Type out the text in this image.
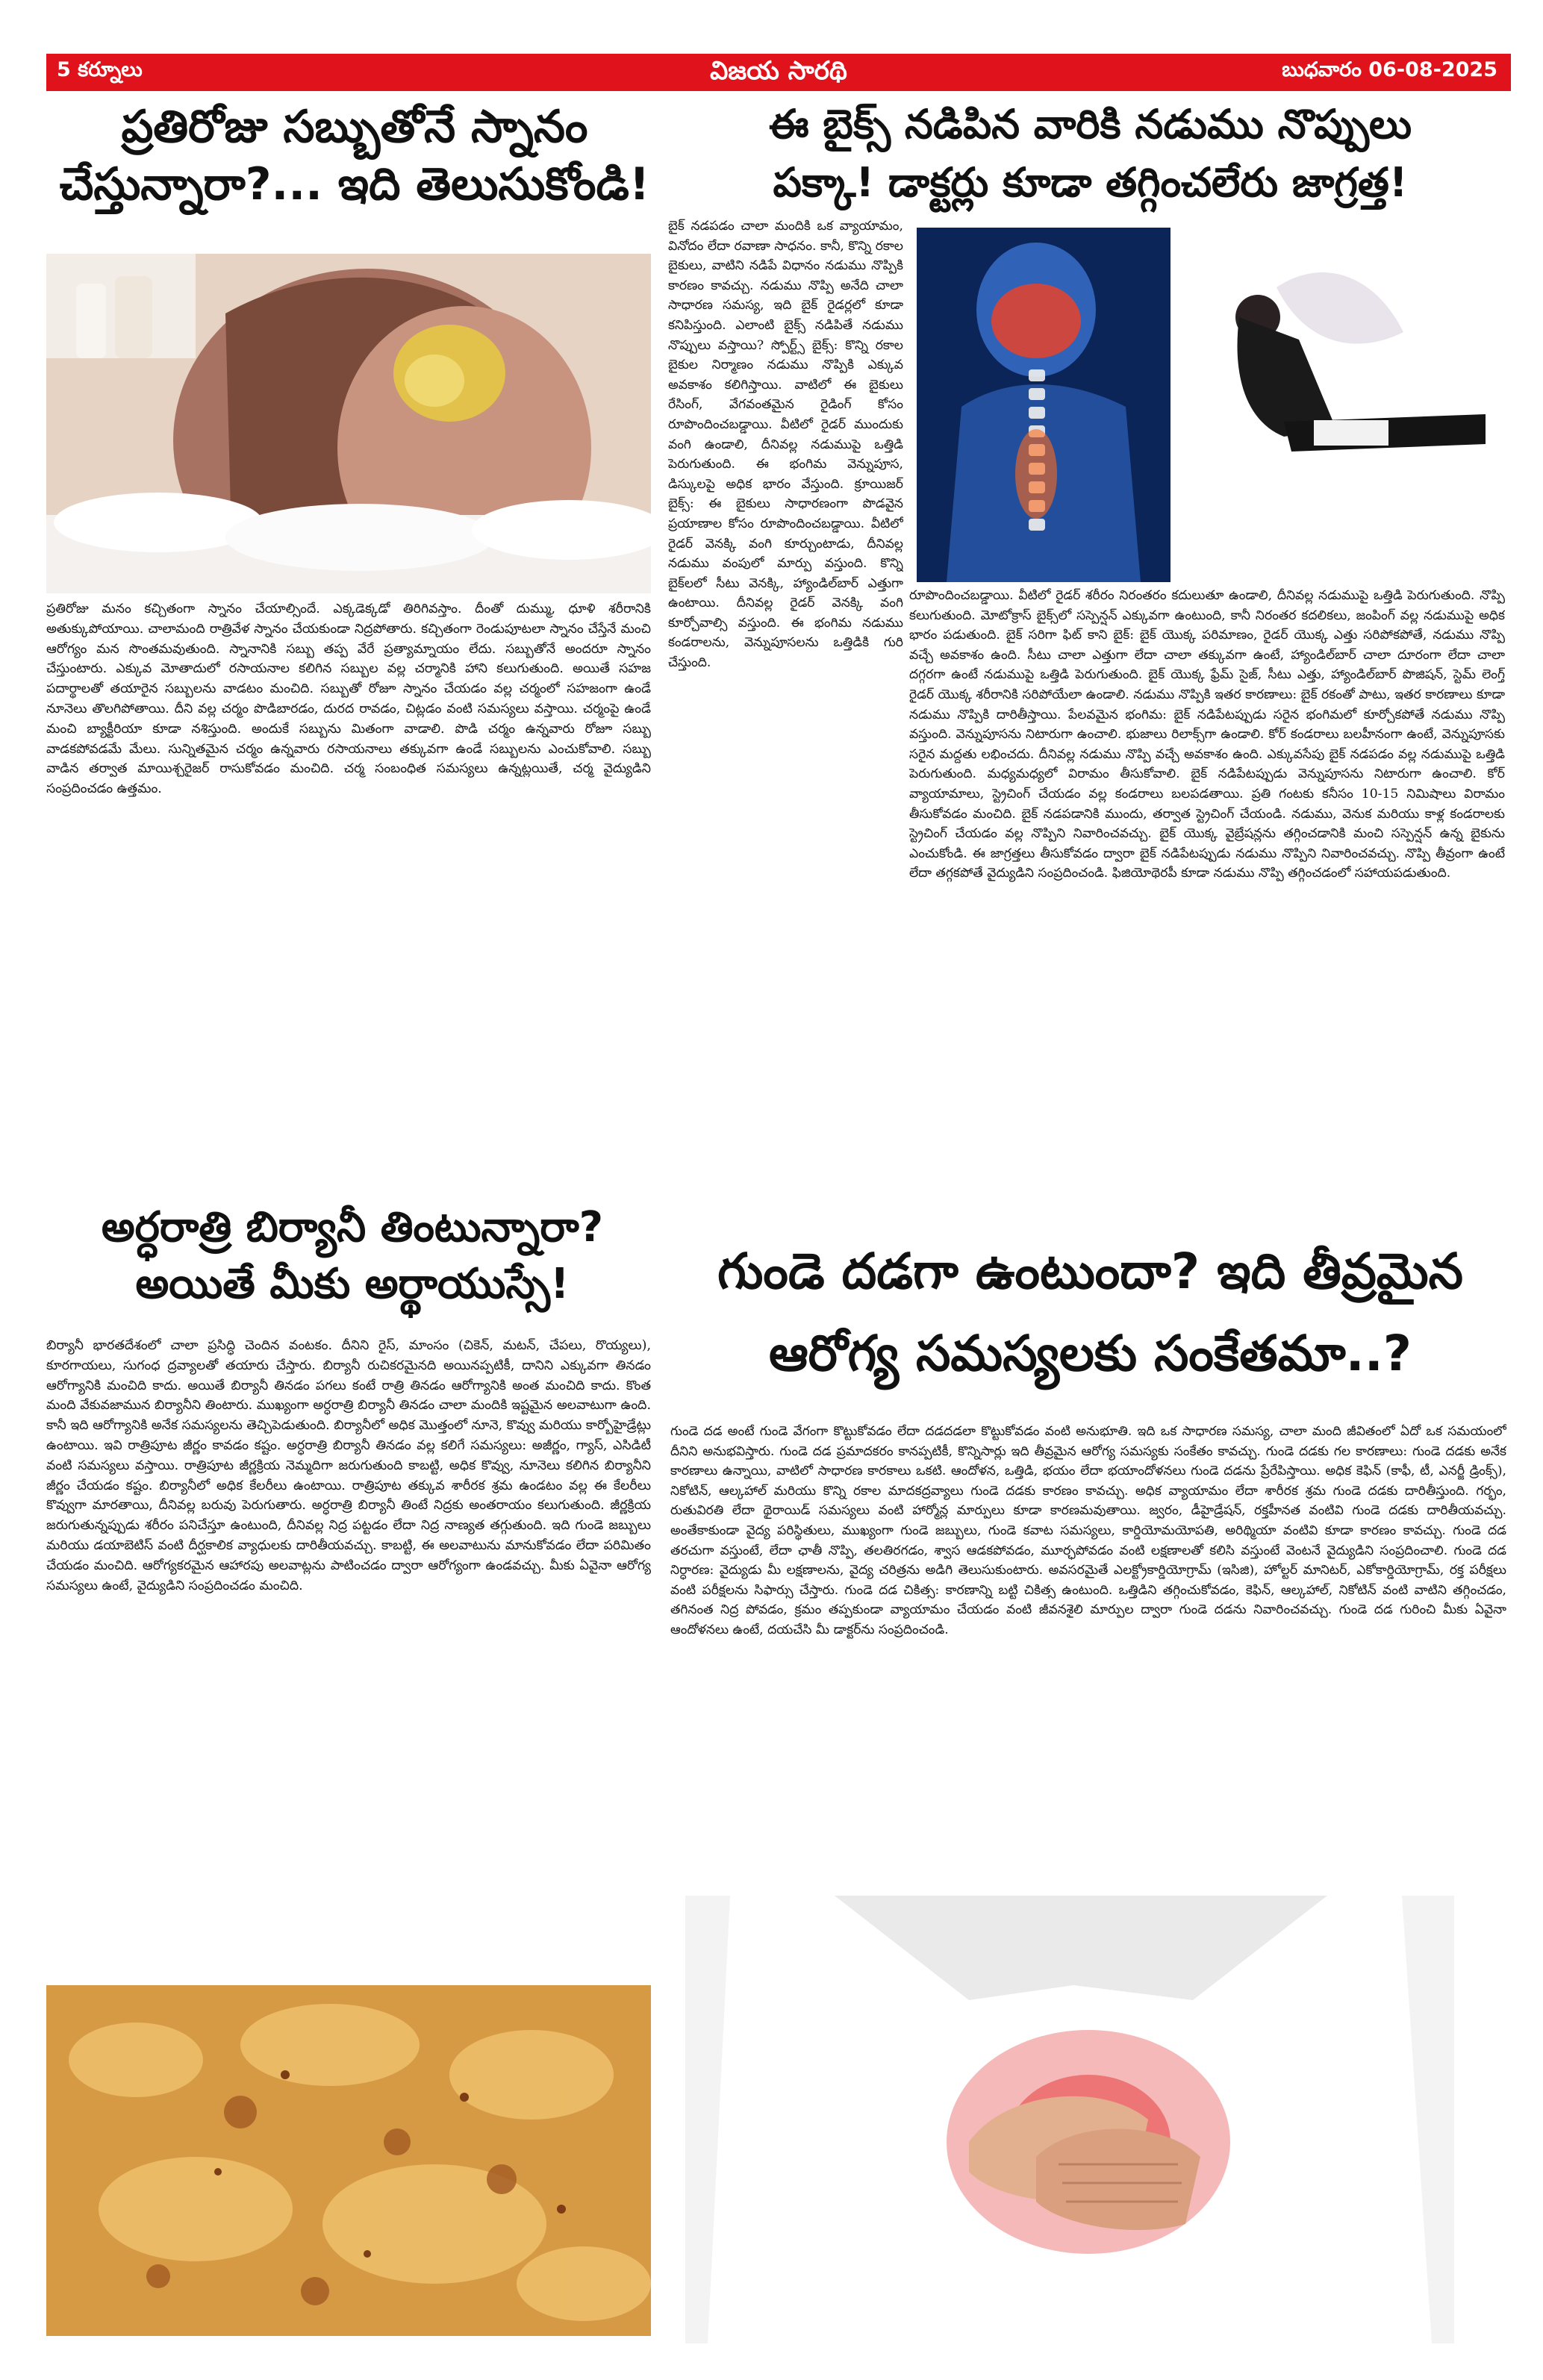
5 కర్నూలు	విజయ సారథి	బుధవారం 06-08-2025
ప్రతిరోజు సబ్బుతోనే స్నానం
చేస్తున్నారా?... ఇది తెలుసుకోండి!
ప్రతిరోజు మనం కచ్చితంగా స్నానం చేయాల్సిందే. ఎక్కడెక్కడో తిరిగివస్తాం. దీంతో దుమ్ము, ధూళి శరీరానికి అతుక్కుపోయాయి. చాలామంది రాత్రివేళ స్నానం చేయకుండా నిద్రపోతారు. కచ్చితంగా రెండుపూటలా స్నానం చేస్తేనే మంచి ఆరోగ్యం మన సొంతమవుతుంది. స్నానానికి సబ్బు తప్ప వేరే ప్రత్యామ్నాయం లేదు. సబ్బుతోనే అందరూ స్నానం చేస్తుంటారు. ఎక్కువ మోతాదులో రసాయనాల కలిగిన సబ్బుల వల్ల చర్మానికి హాని కలుగుతుంది. అయితే సహజ పదార్థాలతో తయారైన సబ్బులను వాడటం మంచిది. సబ్బుతో రోజూ స్నానం చేయడం వల్ల చర్మంలో సహజంగా ఉండే నూనెలు తొలగిపోతాయి. దీని వల్ల చర్మం పొడిబారడం, దురద రావడం, చిట్లడం వంటి సమస్యలు వస్తాయి. చర్మంపై ఉండే మంచి బ్యాక్టీరియా కూడా నశిస్తుంది. అందుకే సబ్బును మితంగా వాడాలి. పొడి చర్మం ఉన్నవారు రోజూ సబ్బు వాడకపోవడమే మేలు. సున్నితమైన చర్మం ఉన్నవారు రసాయనాలు తక్కువగా ఉండే సబ్బులను ఎంచుకోవాలి. సబ్బు వాడిన తర్వాత మాయిశ్చరైజర్ రాసుకోవడం మంచిది. చర్మ సంబంధిత సమస్యలు ఉన్నట్లయితే, చర్మ వైద్యుడిని సంప్రదించడం ఉత్తమం.
అర్ధరాత్రి బిర్యానీ తింటున్నారా?
అయితే మీకు అర్థాయుస్సే!
బిర్యానీ భారతదేశంలో చాలా ప్రసిద్ధి చెందిన వంటకం. దీనిని రైస్, మాంసం (చికెన్, మటన్, చేపలు, రొయ్యలు), కూరగాయలు, సుగంధ ద్రవ్యాలతో తయారు చేస్తారు. బిర్యానీ రుచికరమైనది అయినప్పటికీ, దానిని ఎక్కువగా తినడం ఆరోగ్యానికి మంచిది కాదు. అయితే బిర్యానీ తినడం పగలు కంటే రాత్రి తినడం ఆరోగ్యానికి అంత మంచిది కాదు. కొంత మంది వేకువజామున బిర్యానీని తింటారు. ముఖ్యంగా అర్ధరాత్రి బిర్యానీ తినడం చాలా మందికి ఇష్టమైన అలవాటుగా ఉంది. కానీ ఇది ఆరోగ్యానికి అనేక సమస్యలను తెచ్చిపెడుతుంది. బిర్యానీలో అధిక మొత్తంలో నూనె, కొవ్వు మరియు కార్బోహైడ్రేట్లు ఉంటాయి. ఇవి రాత్రిపూట జీర్ణం కావడం కష్టం. అర్ధరాత్రి బిర్యానీ తినడం వల్ల కలిగే సమస్యలు: అజీర్ణం, గ్యాస్, ఎసిడిటీ వంటి సమస్యలు వస్తాయి. రాత్రిపూట జీర్ణక్రియ నెమ్మదిగా జరుగుతుంది కాబట్టి, అధిక కొవ్వు, నూనెలు కలిగిన బిర్యానీని జీర్ణం చేయడం కష్టం. బిర్యానీలో అధిక కేలరీలు ఉంటాయి. రాత్రిపూట తక్కువ శారీరక శ్రమ ఉండటం వల్ల ఈ కేలరీలు కొవ్వుగా మారతాయి, దీనివల్ల బరువు పెరుగుతారు. అర్ధరాత్రి బిర్యానీ తింటే నిద్రకు అంతరాయం కలుగుతుంది. జీర్ణక్రియ జరుగుతున్నప్పుడు శరీరం పనిచేస్తూ ఉంటుంది, దీనివల్ల నిద్ర పట్టడం లేదా నిద్ర నాణ్యత తగ్గుతుంది. ఇది గుండె జబ్బులు మరియు డయాబెటిస్ వంటి దీర్ఘకాలిక వ్యాధులకు దారితీయవచ్చు. కాబట్టి, ఈ అలవాటును మానుకోవడం లేదా పరిమితం చేయడం మంచిది. ఆరోగ్యకరమైన ఆహారపు అలవాట్లను పాటించడం ద్వారా ఆరోగ్యంగా ఉండవచ్చు. మీకు ఏవైనా ఆరోగ్య సమస్యలు ఉంటే, వైద్యుడిని సంప్రదించడం మంచిది.
ఈ బైక్స్ నడిపిన వారికి నడుము నొప్పులు
పక్కా! డాక్టర్లు కూడా తగ్గించలేరు జాగ్రత్త!
బైక్ నడపడం చాలా మందికి ఒక వ్యాయామం, వినోదం లేదా రవాణా సాధనం. కానీ, కొన్ని రకాల బైకులు, వాటిని నడిపే విధానం నడుము నొప్పికి కారణం కావచ్చు. నడుము నొప్పి అనేది చాలా సాధారణ సమస్య, ఇది బైక్ రైడర్లలో కూడా కనిపిస్తుంది. ఎలాంటి బైక్స్ నడిపితే నడుము నొప్పులు వస్తాయి? స్పోర్ట్స్ బైక్స్: కొన్ని రకాల బైకుల నిర్మాణం నడుము నొప్పికి ఎక్కువ అవకాశం కలిగిస్తాయి. వాటిలో ఈ బైకులు రేసింగ్, వేగవంతమైన రైడింగ్ కోసం రూపొందించబడ్డాయి. వీటిలో రైడర్ ముందుకు వంగి ఉండాలి, దీనివల్ల నడుముపై ఒత్తిడి పెరుగుతుంది. ఈ భంగిమ వెన్నుపూస, డిస్కులపై అధిక భారం వేస్తుంది. క్రూయిజర్ బైక్స్: ఈ బైకులు సాధారణంగా పొడవైన ప్రయాణాల కోసం రూపొందించబడ్డాయి. వీటిలో రైడర్ వెనక్కి వంగి కూర్చుంటాడు, దీనివల్ల నడుము వంపులో మార్పు వస్తుంది. కొన్ని బైక్‌లలో సీటు వెనక్కి, హ్యాండిల్‌బార్ ఎత్తుగా ఉంటాయి. దీనివల్ల రైడర్ వెనక్కి వంగి కూర్చోవాల్సి వస్తుంది. ఈ భంగిమ నడుము కండరాలను, వెన్నుపూసలను ఒత్తిడికి గురి చేస్తుంది.
రూపొందించబడ్డాయి. వీటిలో రైడర్ శరీరం నిరంతరం కదులుతూ ఉండాలి, దీనివల్ల నడుముపై ఒత్తిడి పెరుగుతుంది. నొప్పి కలుగుతుంది. మోటోక్రాస్ బైక్స్‌లో సస్పెన్షన్ ఎక్కువగా ఉంటుంది, కానీ నిరంతర కదలికలు, జంపింగ్ వల్ల నడుముపై అధిక భారం పడుతుంది. బైక్ సరిగా ఫిట్ కాని బైక్: బైక్ యొక్క పరిమాణం, రైడర్ యొక్క ఎత్తు సరిపోకపోతే, నడుము నొప్పి వచ్చే అవకాశం ఉంది. సీటు చాలా ఎత్తుగా లేదా చాలా తక్కువగా ఉంటే, హ్యాండిల్‌బార్ చాలా దూరంగా లేదా చాలా దగ్గరగా ఉంటే నడుముపై ఒత్తిడి పెరుగుతుంది. బైక్ యొక్క ఫ్రేమ్ సైజ్, సీటు ఎత్తు, హ్యాండిల్‌బార్ పొజిషన్, స్టెమ్ లెంగ్త్ రైడర్ యొక్క శరీరానికి సరిపోయేలా ఉండాలి. నడుము నొప్పికి ఇతర కారణాలు: బైక్ రకంతో పాటు, ఇతర కారణాలు కూడా నడుము నొప్పికి దారితీస్తాయి. పేలవమైన భంగిమ: బైక్ నడిపేటప్పుడు సరైన భంగిమలో కూర్చోకపోతే నడుము నొప్పి వస్తుంది. వెన్నుపూసను నిటారుగా ఉంచాలి. భుజాలు రిలాక్స్‌గా ఉండాలి. కోర్ కండరాలు బలహీనంగా ఉంటే, వెన్నుపూసకు సరైన మద్దతు లభించదు. దీనివల్ల నడుము నొప్పి వచ్చే అవకాశం ఉంది. ఎక్కువసేపు బైక్ నడపడం వల్ల నడుముపై ఒత్తిడి పెరుగుతుంది. మధ్యమధ్యలో విరామం తీసుకోవాలి. బైక్ నడిపేటప్పుడు వెన్నుపూసను నిటారుగా ఉంచాలి. కోర్ వ్యాయామాలు, స్ట్రెచింగ్ చేయడం వల్ల కండరాలు బలపడతాయి. ప్రతి గంటకు కనీసం 10-15 నిమిషాలు విరామం తీసుకోవడం మంచిది. బైక్ నడపడానికి ముందు, తర్వాత స్ట్రెచింగ్ చేయండి. నడుము, వెనుక మరియు కాళ్ల కండరాలకు స్ట్రెచింగ్ చేయడం వల్ల నొప్పిని నివారించవచ్చు. బైక్ యొక్క వైబ్రేషన్లను తగ్గించడానికి మంచి సస్పెన్షన్ ఉన్న బైకును ఎంచుకోండి. ఈ జాగ్రత్తలు తీసుకోవడం ద్వారా బైక్ నడిపేటప్పుడు నడుము నొప్పిని నివారించవచ్చు. నొప్పి తీవ్రంగా ఉంటే లేదా తగ్గకపోతే వైద్యుడిని సంప్రదించండి. ఫిజియోథెరపీ కూడా నడుము నొప్పి తగ్గించడంలో సహాయపడుతుంది.
గుండె దడగా ఉంటుందా? ఇది తీవ్రమైన
ఆరోగ్య సమస్యలకు సంకేతమా..?
గుండె దడ అంటే గుండె వేగంగా కొట్టుకోవడం లేదా దడదడలా కొట్టుకోవడం వంటి అనుభూతి. ఇది ఒక సాధారణ సమస్య, చాలా మంది జీవితంలో ఏదో ఒక సమయంలో దీనిని అనుభవిస్తారు. గుండె దడ ప్రమాదకరం కానప్పటికీ, కొన్నిసార్లు ఇది తీవ్రమైన ఆరోగ్య సమస్యకు సంకేతం కావచ్చు. గుండె దడకు గల కారణాలు: గుండె దడకు అనేక కారణాలు ఉన్నాయి, వాటిలో సాధారణ కారకాలు ఒకటి. ఆందోళన, ఒత్తిడి, భయం లేదా భయాందోళనలు గుండె దడను ప్రేరేపిస్తాయి. అధిక కెఫిన్ (కాఫీ, టీ, ఎనర్జీ డ్రింక్స్), నికోటిన్, ఆల్కహాల్ మరియు కొన్ని రకాల మాదకద్రవ్యాలు గుండె దడకు కారణం కావచ్చు. అధిక వ్యాయామం లేదా శారీరక శ్రమ గుండె దడకు దారితీస్తుంది. గర్భం, రుతువిరతి లేదా థైరాయిడ్ సమస్యలు వంటి హార్మోన్ల మార్పులు కూడా కారణమవుతాయి. జ్వరం, డీహైడ్రేషన్, రక్తహీనత వంటివి గుండె దడకు దారితీయవచ్చు. అంతేకాకుండా వైద్య పరిస్థితులు, ముఖ్యంగా గుండె జబ్బులు, గుండె కవాట సమస్యలు, కార్డియోమయోపతి, అరిథ్మియా వంటివి కూడా కారణం కావచ్చు. గుండె దడ తరచుగా వస్తుంటే, లేదా ఛాతీ నొప్పి, తలతిరగడం, శ్వాస ఆడకపోవడం, మూర్ఛపోవడం వంటి లక్షణాలతో కలిసి వస్తుంటే వెంటనే వైద్యుడిని సంప్రదించాలి. గుండె దడ నిర్ధారణ: వైద్యుడు మీ లక్షణాలను, వైద్య చరిత్రను అడిగి తెలుసుకుంటారు. అవసరమైతే ఎలక్ట్రోకార్డియోగ్రామ్ (ఇసిజి), హోల్టర్ మానిటర్, ఎకోకార్డియోగ్రామ్, రక్త పరీక్షలు వంటి పరీక్షలను సిఫార్సు చేస్తారు. గుండె దడ చికిత్స: కారణాన్ని బట్టి చికిత్స ఉంటుంది. ఒత్తిడిని తగ్గించుకోవడం, కెఫిన్, ఆల్కహాల్, నికోటిన్ వంటి వాటిని తగ్గించడం, తగినంత నిద్ర పోవడం, క్రమం తప్పకుండా వ్యాయామం చేయడం వంటి జీవనశైలి మార్పుల ద్వారా గుండె దడను నివారించవచ్చు. గుండె దడ గురించి మీకు ఏవైనా ఆందోళనలు ఉంటే, దయచేసి మీ డాక్టర్‌ను సంప్రదించండి.
